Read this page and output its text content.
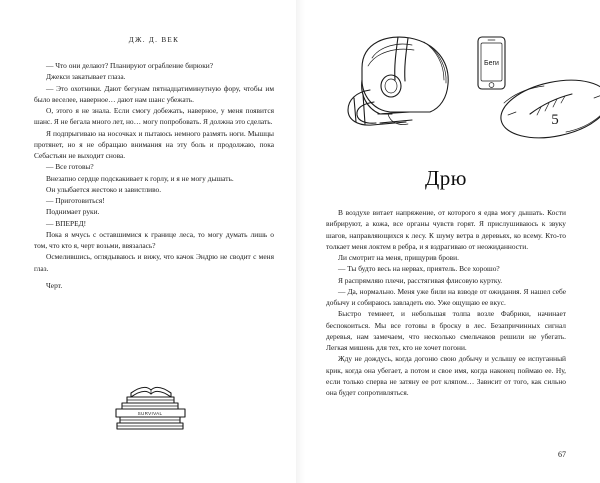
ДЖ. Д. ВЕК

— Что они делают? Планируют ограбление бирюки?

Джекси закатывает глаза.

— Это охотники. Дают бегунам пятнадцатиминутную фору, чтобы им было веселее, наверное… дают нам шанс убежать.

О, этого я не знала. Если смогу добежать, наверное, у меня появится шанс. Я не бегала много лет, но… могу попробовать. Я должна это сделать.

Я подпрыгиваю на носочках и пытаюсь немного размять ноги. Мышцы протянет, но я не обращаю внимания на эту боль и продолжаю, пока Себастьян не выходит снова.

— Все готовы?

Внезапно сердце подскакивает к горлу, и я не могу дышать.

Он улыбается жестоко и завистливо.

— Приготовиться!

Поднимает руки.

— ВПЕРЕД!

Пока я мчусь с оставшимися к границе леса, то могу думать лишь о том, что кто я, черт возьми, ввязалась?

Осмелившись, оглядываюсь и вижу, что качок Эндрю не сводит с меня глаз.

Черт.
SURVIVAL
Беги
5
Дрю

В воздухе витает напряжение, от которого я едва могу дышать. Кости вибрируют, а кожа, все органы чувств горят. Я прислушиваюсь к звуку шагов, направляющихся к лесу. К шуму ветра в деревьях, ко всему. Кто-то толкает меня локтем в ребра, и я вздрагиваю от неожиданности.

Ли смотрит на меня, прищурив брови.

— Ты будто весь на нервах, приятель. Все хорошо?

Я распрямляю плечи, расстягивая флисовую куртку.

— Да, нормально. Меня уже били на взводе от ожидания. Я нашел себе добычу и собираюсь завладеть ею. Уже ощущаю ее вкус.

Быстро темнеет, и небольшая толпа возле Фабрики, начинает беспокоиться. Мы все готовы в броску в лес. Безапричинных сигнал деревья, нам замечаем, что несколько смельчаков решили не убегать. Легкая мишень для тех, кто не хочет погони.

Жду не дождусь, когда догоню свою добычу и услышу ее испуганный крик, когда она убегает, а потом и свое имя, когда наконец поймаю ее. Ну, если только сперва не затяну ее рот кляпом… Зависит от того, как сильно она будет сопротивляться.

67
